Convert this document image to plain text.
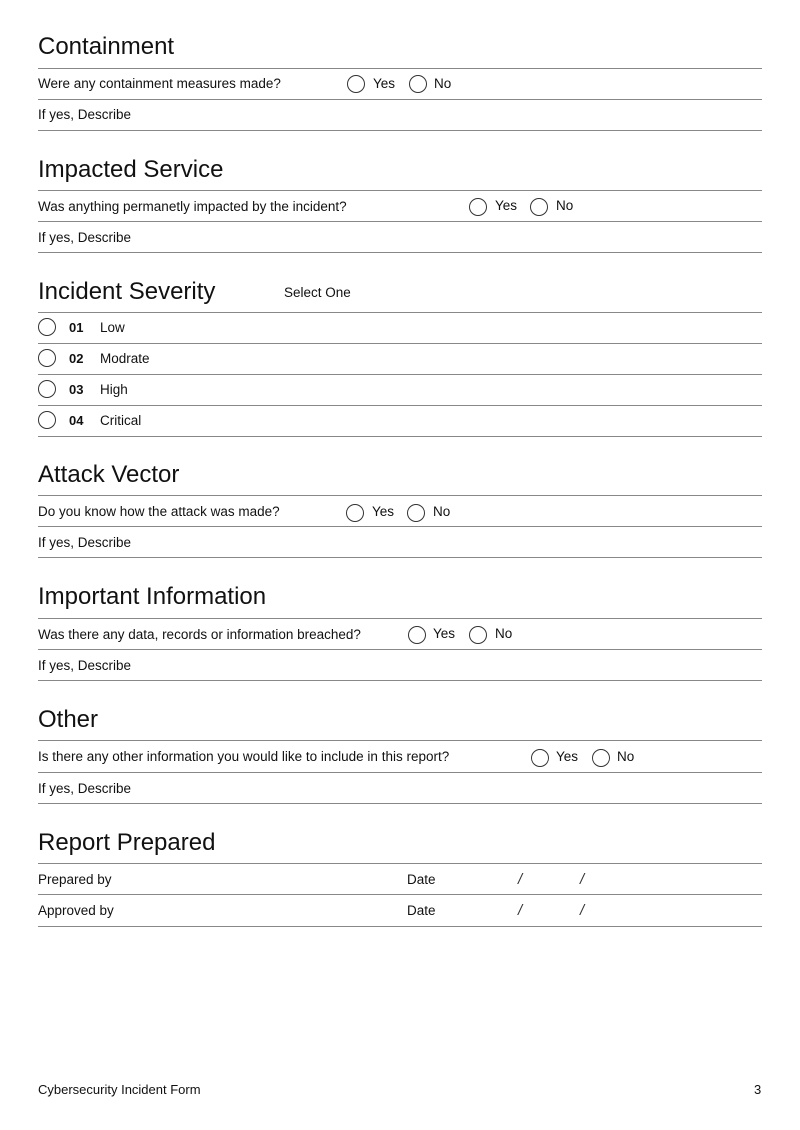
Containment
Were any containment measures made?	Yes	No
If yes, Describe
Impacted Service
Was anything permanetly impacted by the incident?	Yes	No
If yes, Describe
Incident Severity	Select One
01 Low
02 Modrate
03 High
04 Critical
Attack Vector
Do you know how the attack was made?	Yes	No
If yes, Describe
Important Information
Was there any data, records or information breached?	Yes	No
If yes, Describe
Other
Is there any other information you would like to include in this report?	Yes	No
If yes, Describe
Report Prepared
Prepared by	Date	/	/
Approved by	Date	/	/
Cybersecurity Incident Form	3
